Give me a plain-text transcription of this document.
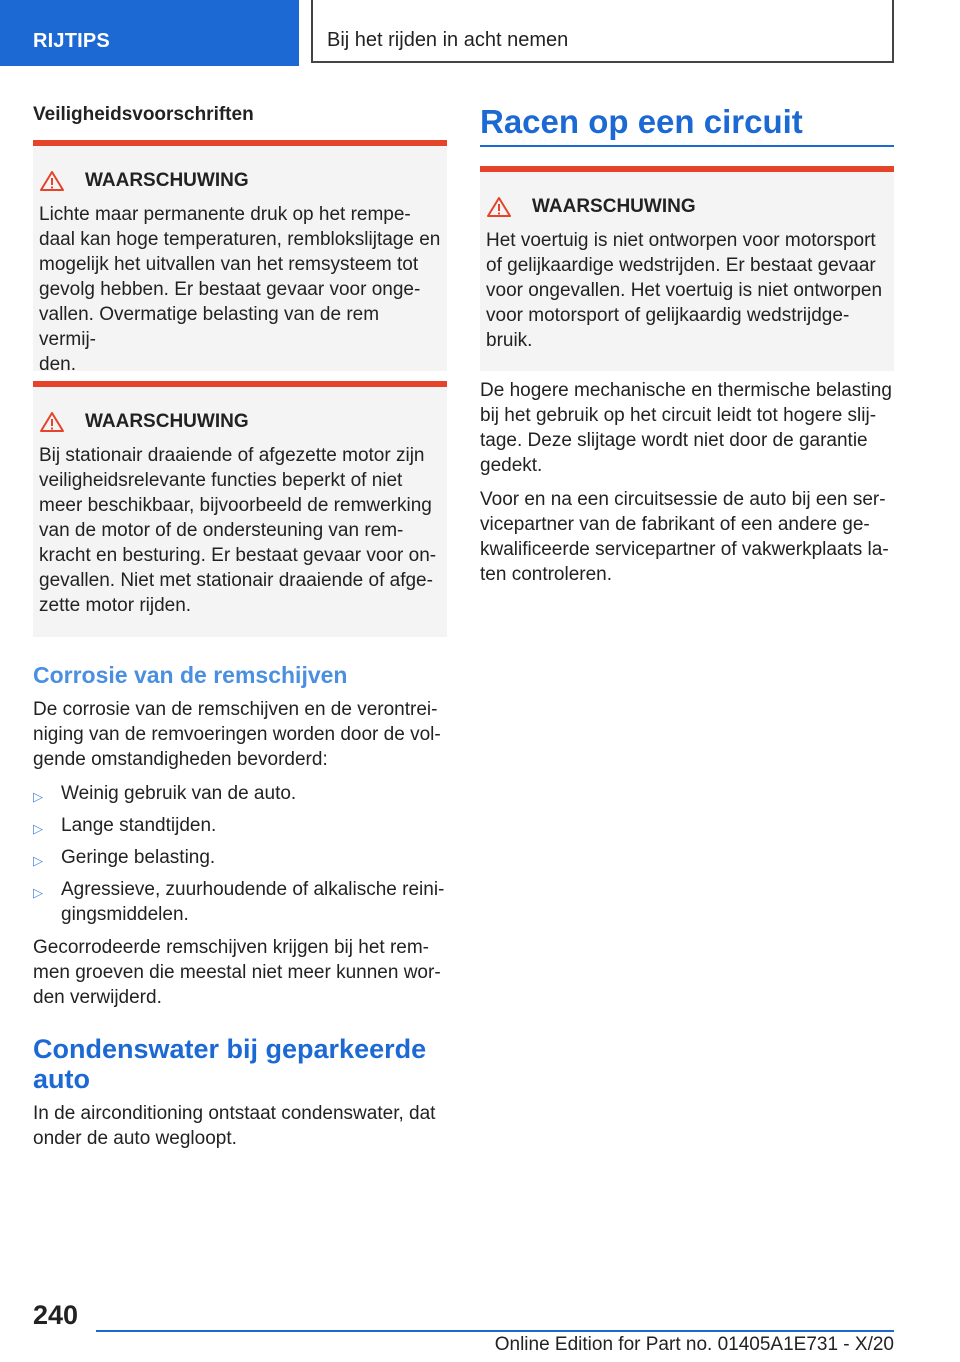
RIJTIPS	Bij het rijden in acht nemen
Veiligheidsvoorschriften
WAARSCHUWING
Lichte maar permanente druk op het rempe-
daal kan hoge temperaturen, remblokslijtage en
mogelijk het uitvallen van het remsysteem tot
gevolg hebben. Er bestaat gevaar voor onge-
vallen. Overmatige belasting van de rem vermij-
den.
WAARSCHUWING
Bij stationair draaiende of afgezette motor zijn
veiligheidsrelevante functies beperkt of niet
meer beschikbaar, bijvoorbeeld de remwerking
van de motor of de ondersteuning van rem-
kracht en besturing. Er bestaat gevaar voor on-
gevallen. Niet met stationair draaiende of afge-
zette motor rijden.
Corrosie van de remschijven
De corrosie van de remschijven en de verontrei-
niging van de remvoeringen worden door de vol-
gende omstandigheden bevorderd:
▷ Weinig gebruik van de auto.
▷ Lange standtijden.
▷ Geringe belasting.
▷ Agressieve, zuurhoudende of alkalische reini-
gingsmiddelen.
Gecorrodeerde remschijven krijgen bij het rem-
men groeven die meestal niet meer kunnen wor-
den verwijderd.
Condenswater bij geparkeerde
auto
In de airconditioning ontstaat condenswater, dat
onder de auto wegloopt.
Racen op een circuit
WAARSCHUWING
Het voertuig is niet ontworpen voor motorsport
of gelijkaardige wedstrijden. Er bestaat gevaar
voor ongevallen. Het voertuig is niet ontworpen
voor motorsport of gelijkaardig wedstrijdge-
bruik.
De hogere mechanische en thermische belasting
bij het gebruik op het circuit leidt tot hogere slij-
tage. Deze slijtage wordt niet door de garantie
gedekt.
Voor en na een circuitsessie de auto bij een ser-
vicepartner van de fabrikant of een andere ge-
kwalificeerde servicepartner of vakwerkplaats la-
ten controleren.
240
Online Edition for Part no. 01405A1E731 - X/20
